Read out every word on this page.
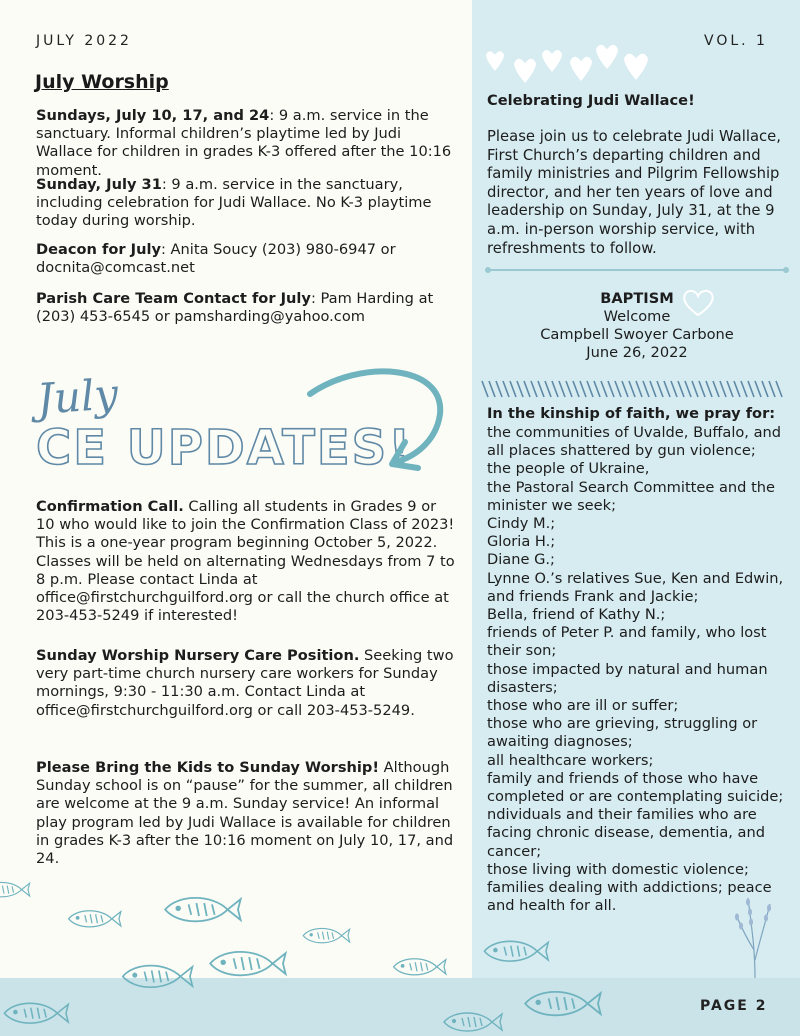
JULY 2022	VOL. 1
July Worship
Sundays, July 10, 17, and 24: 9 a.m. service in the sanctuary. Informal children’s playtime led by Judi Wallace for children in grades K-3 offered after the 10:16 moment.
Sunday, July 31: 9 a.m. service in the sanctuary, including celebration for Judi Wallace. No K-3 playtime today during worship.
Deacon for July: Anita Soucy (203) 980-6947 or docnita@comcast.net
Parish Care Team Contact for July: Pam Harding at (203) 453-6545 or pamsharding@yahoo.com
July
CE UPDATES!
Confirmation Call. Calling all students in Grades 9 or 10 who would like to join the Confirmation Class of 2023! This is a one-year program beginning October 5, 2022. Classes will be held on alternating Wednesdays from 7 to 8 p.m. Please contact Linda at office@firstchurchguilford.org or call the church office at 203-453-5249 if interested!
Sunday Worship Nursery Care Position. Seeking two very part-time church nursery care workers for Sunday mornings, 9:30 - 11:30 a.m. Contact Linda at office@firstchurchguilford.org or call 203-453-5249.
Please Bring the Kids to Sunday Worship! Although Sunday school is on “pause” for the summer, all children are welcome at the 9 a.m. Sunday service! An informal play program led by Judi Wallace is available for children in grades K-3 after the 10:16 moment on July 10, 17, and 24.
Celebrating Judi Wallace!
Please join us to celebrate Judi Wallace, First Church’s departing children and family ministries and Pilgrim Fellowship director, and her ten years of love and leadership on Sunday, July 31, at the 9 a.m. in-person worship service, with refreshments to follow.
BAPTISM
Welcome
Campbell Swoyer Carbone
June 26, 2022
In the kinship of faith, we pray for:
the communities of Uvalde, Buffalo, and all places shattered by gun violence;
the people of Ukraine,
the Pastoral Search Committee and the minister we seek;
Cindy M.;
Gloria H.;
Diane G.;
Lynne O.’s relatives Sue, Ken and Edwin, and friends Frank and Jackie;
Bella, friend of Kathy N.;
friends of Peter P. and family, who lost their son;
those impacted by natural and human disasters;
those who are ill or suffer;
those who are grieving, struggling or awaiting diagnoses;
all healthcare workers;
family and friends of those who have completed or are contemplating suicide;
ndividuals and their families who are facing chronic disease, dementia, and cancer;
those living with domestic violence;
families dealing with addictions; peace and health for all.
PAGE 2
